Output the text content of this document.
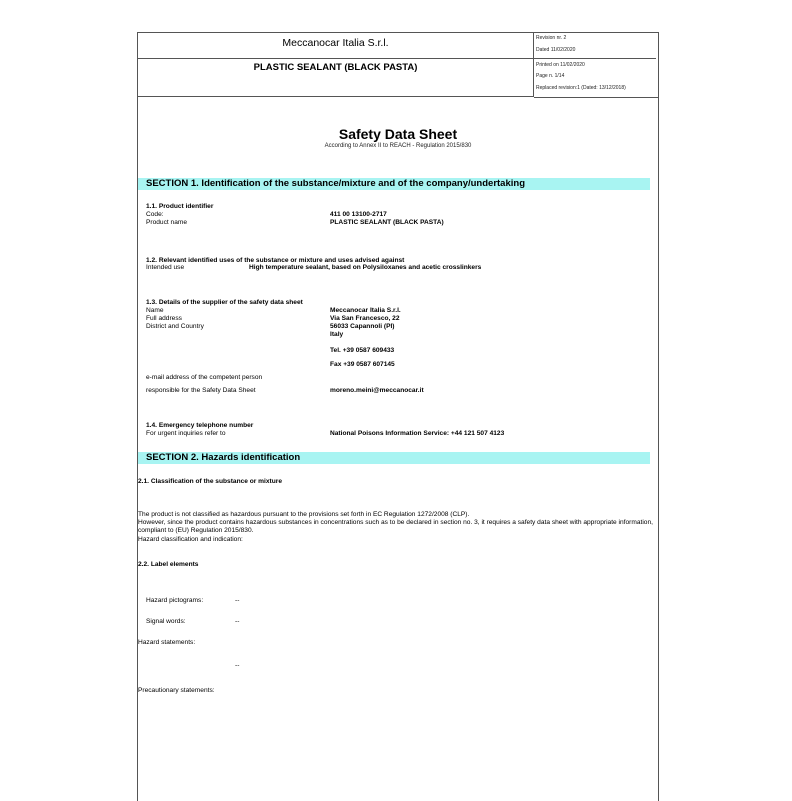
Meccanocar Italia S.r.l.
PLASTIC SEALANT (BLACK PASTA)
Revision nr. 2
Dated 11/02/2020
Printed on 11/02/2020
Page n. 1/14
Replaced revision:1 (Dated: 13/12/2018)
Safety Data Sheet
According to Annex II to REACH - Regulation 2015/830
SECTION 1. Identification of the substance/mixture and of the company/undertaking
1.1. Product identifier
Code:	411 00 13100-2717
Product name	PLASTIC SEALANT (BLACK PASTA)
1.2. Relevant identified uses of the substance or mixture and uses advised against
Intended use	High temperature sealant, based on Polysiloxanes and acetic crosslinkers
1.3. Details of the supplier of the safety data sheet
Name	Meccanocar Italia S.r.l.
Full address	Via San Francesco, 22
District and Country	56033 Capannoli (PI)
Italy
Tel. +39 0587 609433
Fax +39 0587 607145
e-mail address of the competent person
responsible for the Safety Data Sheet	moreno.meini@meccanocar.it
1.4. Emergency telephone number
For urgent inquiries refer to	National Poisons Information Service: +44 121 507 4123
SECTION 2. Hazards identification
2.1. Classification of the substance or mixture
The product is not classified as hazardous pursuant to the provisions set forth in EC Regulation 1272/2008 (CLP).
However, since the product contains hazardous substances in concentrations such as to be declared in section no. 3, it requires a safety data sheet with appropriate information, compliant to (EU) Regulation 2015/830.
Hazard classification and indication:
2.2. Label elements
Hazard pictograms:	--
Signal words:	--
Hazard statements:
--
Precautionary statements:
